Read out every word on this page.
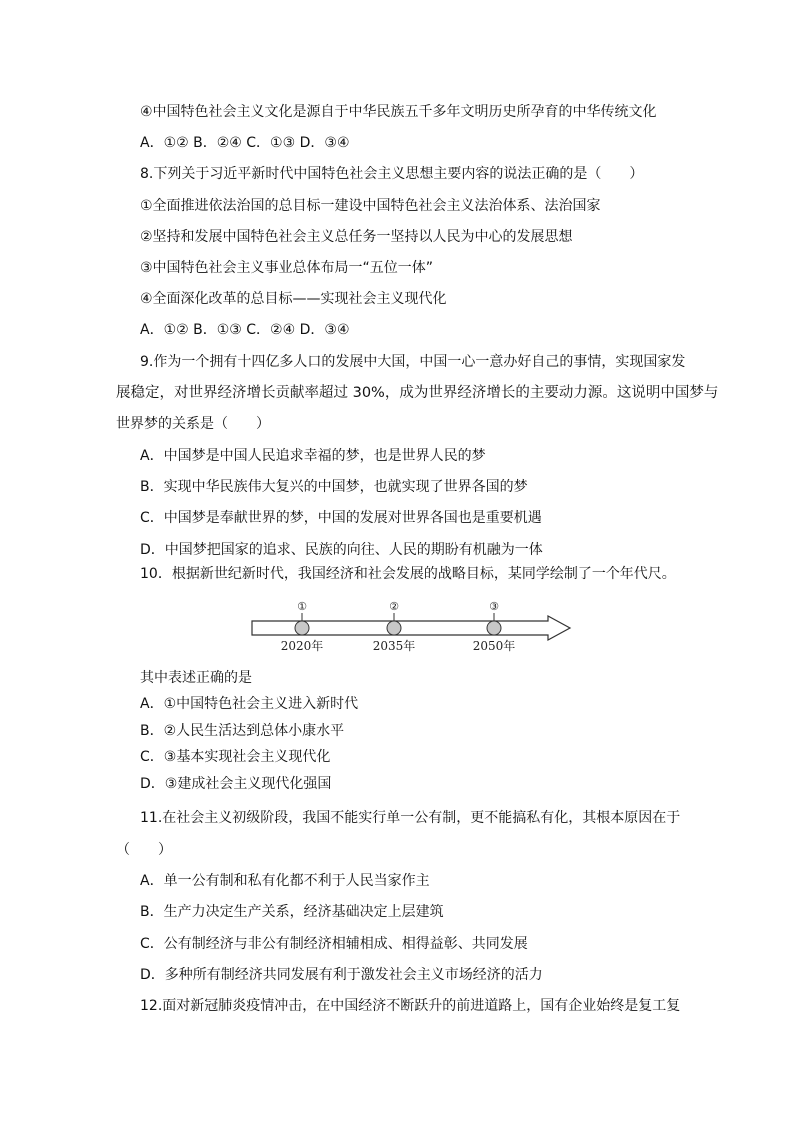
④中国特色社会主义文化是源自于中华民族五千多年文明历史所孕育的中华传统文化
A．①② B．②④ C．①③ D．③④
8.下列关于习近平新时代中国特色社会主义思想主要内容的说法正确的是（　　）
①全面推进依法治国的总目标一建设中国特色社会主义法治体系、法治国家
②坚持和发展中国特色社会主义总任务一坚持以人民为中心的发展思想
③中国特色社会主义事业总体布局一“五位一体”
④全面深化改革的总目标——实现社会主义现代化
A．①② B．①③ C．②④ D．③④
9.作为一个拥有十四亿多人口的发展中大国，中国一心一意办好自己的事情，实现国家发
展稳定，对世界经济增长贡献率超过 30%，成为世界经济增长的主要动力源。这说明中国梦与
世界梦的关系是（　　）
A．中国梦是中国人民追求幸福的梦，也是世界人民的梦
B．实现中华民族伟大复兴的中国梦，也就实现了世界各国的梦
C．中国梦是奉献世界的梦，中国的发展对世界各国也是重要机遇
D．中国梦把国家的追求、民族的向往、人民的期盼有机融为一体
10．根据新世纪新时代，我国经济和社会发展的战略目标，某同学绘制了一个年代尺。
①	②	③
2020年	2035年	2050年
其中表述正确的是
A．①中国特色社会主义进入新时代
B．②人民生活达到总体小康水平
C．③基本实现社会主义现代化
D．③建成社会主义现代化强国
11.在社会主义初级阶段，我国不能实行单一公有制，更不能搞私有化，其根本原因在于
（　　）
A．单一公有制和私有化都不利于人民当家作主
B．生产力决定生产关系，经济基础决定上层建筑
C．公有制经济与非公有制经济相辅相成、相得益彰、共同发展
D．多种所有制经济共同发展有利于激发社会主义市场经济的活力
12.面对新冠肺炎疫情冲击，在中国经济不断跃升的前进道路上，国有企业始终是复工复
